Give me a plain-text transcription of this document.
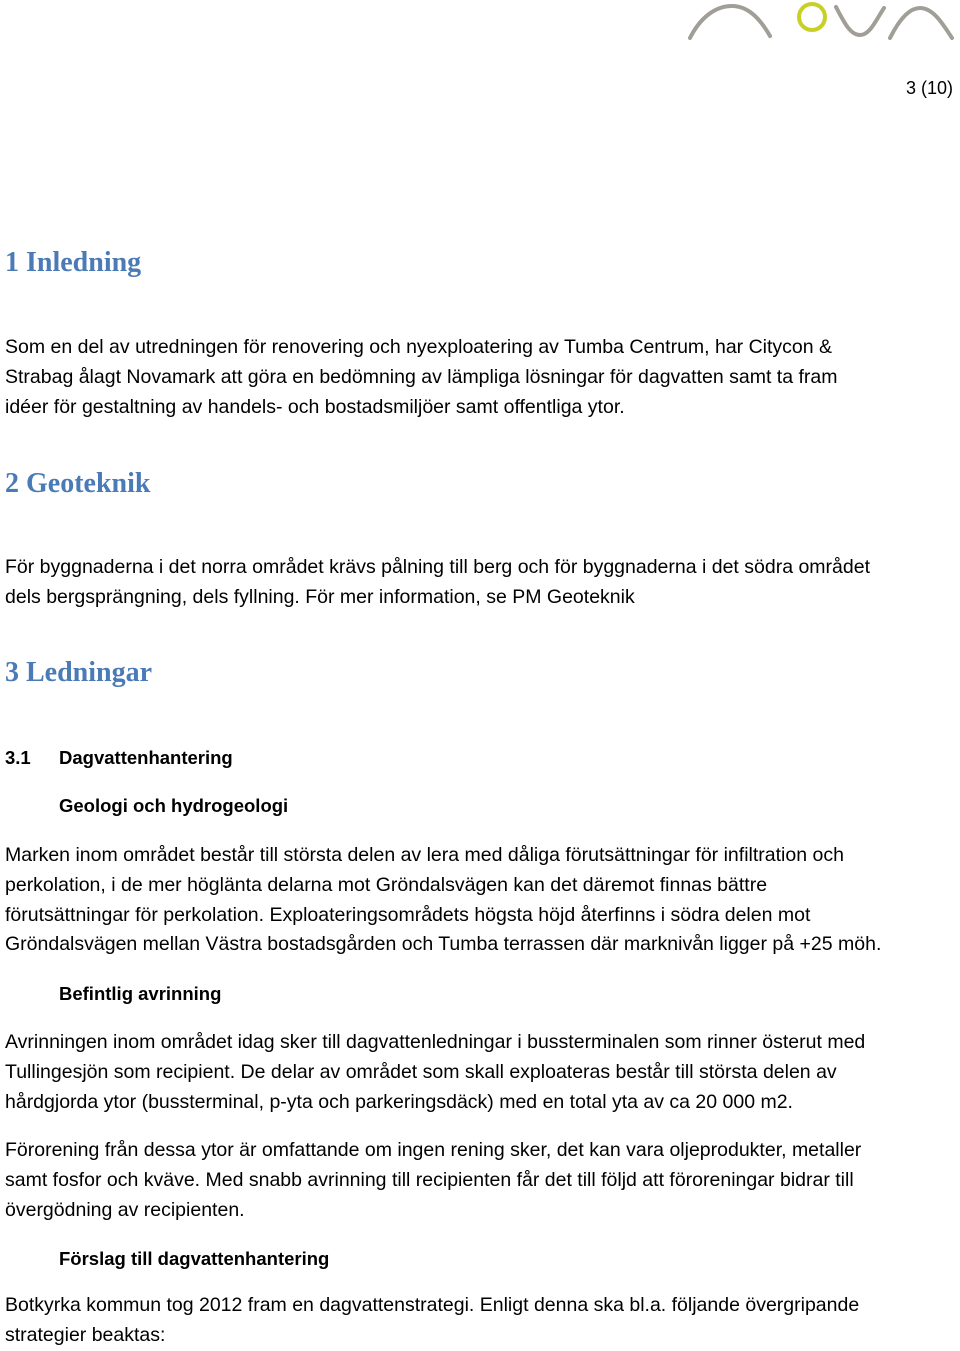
3 (10)
1 Inledning

Som en del av utredningen för renovering och nyexploatering av Tumba Centrum, har Citycon &
Strabag ålagt Novamark att göra en bedömning av lämpliga lösningar för dagvatten samt ta fram
idéer för gestaltning av handels- och bostadsmiljöer samt offentliga ytor.

2 Geoteknik

För byggnaderna i det norra området krävs pålning till berg och för byggnaderna i det södra området
dels bergsprängning, dels fyllning. För mer information, se PM Geoteknik

3 Ledningar
3.1 Dagvattenhantering
Geologi och hydrogeologi

Marken inom området består till största delen av lera med dåliga förutsättningar för infiltration och
perkolation, i de mer höglänta delarna mot Gröndalsvägen kan det däremot finnas bättre
förutsättningar för perkolation. Exploateringsområdets högsta höjd återfinns i södra delen mot
Gröndalsvägen mellan Västra bostadsgården och Tumba terrassen där marknivån ligger på +25 möh.

Befintlig avrinning

Avrinningen inom området idag sker till dagvattenledningar i bussterminalen som rinner österut med
Tullingesjön som recipient. De delar av området som skall exploateras består till största delen av
hårdgjorda ytor (bussterminal, p-yta och parkeringsdäck) med en total yta av ca 20 000 m2.

Förorening från dessa ytor är omfattande om ingen rening sker, det kan vara oljeprodukter, metaller
samt fosfor och kväve. Med snabb avrinning till recipienten får det till följd att föroreningar bidrar till
övergödning av recipienten.

Förslag till dagvattenhantering

Botkyrka kommun tog 2012 fram en dagvattenstrategi. Enligt denna ska bl.a. följande övergripande
strategier beaktas:
